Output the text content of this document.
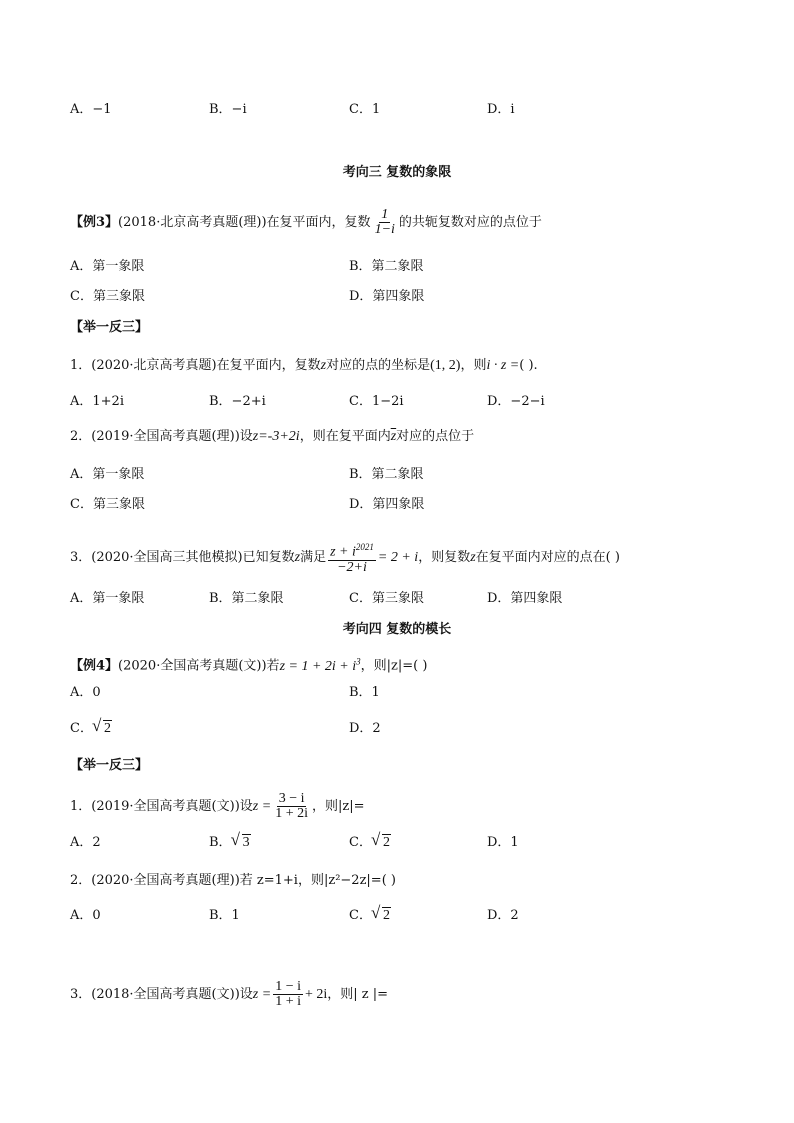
A．−1	B．−i	C．1	D．i
考向三 复数的象限
【例3】(2018·北京高考真题(理))在复平面内，复数 $\frac{1}{1-i}$ 的共轭复数对应的点位于
A．第一象限	B．第二象限
C．第三象限	D．第四象限
【举一反三】
1．(2020·北京高考真题)在复平面内，复数z对应的点的坐标是(1, 2)，则i · z =( ).
A．1+2i	B．−2+i	C．1−2i	D．−2−i
2．(2019·全国高考真题(理))设z=-3+2i，则在复平面内$\overline{z}$对应的点位于
A．第一象限	B．第二象限
C．第三象限	D．第四象限
3．(2020·全国高三其他模拟)已知复数z满足 $\frac{z + i^{2021}}{-2+i} = 2 + i$，则复数z在复平面内对应的点在( )
A．第一象限	B．第二象限	C．第三象限	D．第四象限
考向四 复数的模长
【例4】(2020·全国高考真题(文))若$z = 1 + 2i + i^3$，则|z|=( )
A．0	B．1
C． √ 2	D．2
【举一反三】
1．(2019·全国高考真题(文))设$z = \frac{3 - i}{1 + 2i}$ ，则|z|=
A．2	B． √ 3	C． √ 2	D．1
2．(2020·全国高考真题(理))若 z=1+i，则|z²−2z|=( )
A．0	B．1	C． √ 2	D．2
3．(2018·全国高考真题(文))设$z = \frac{1 - i}{1 + i} + 2i$，则| z |=
